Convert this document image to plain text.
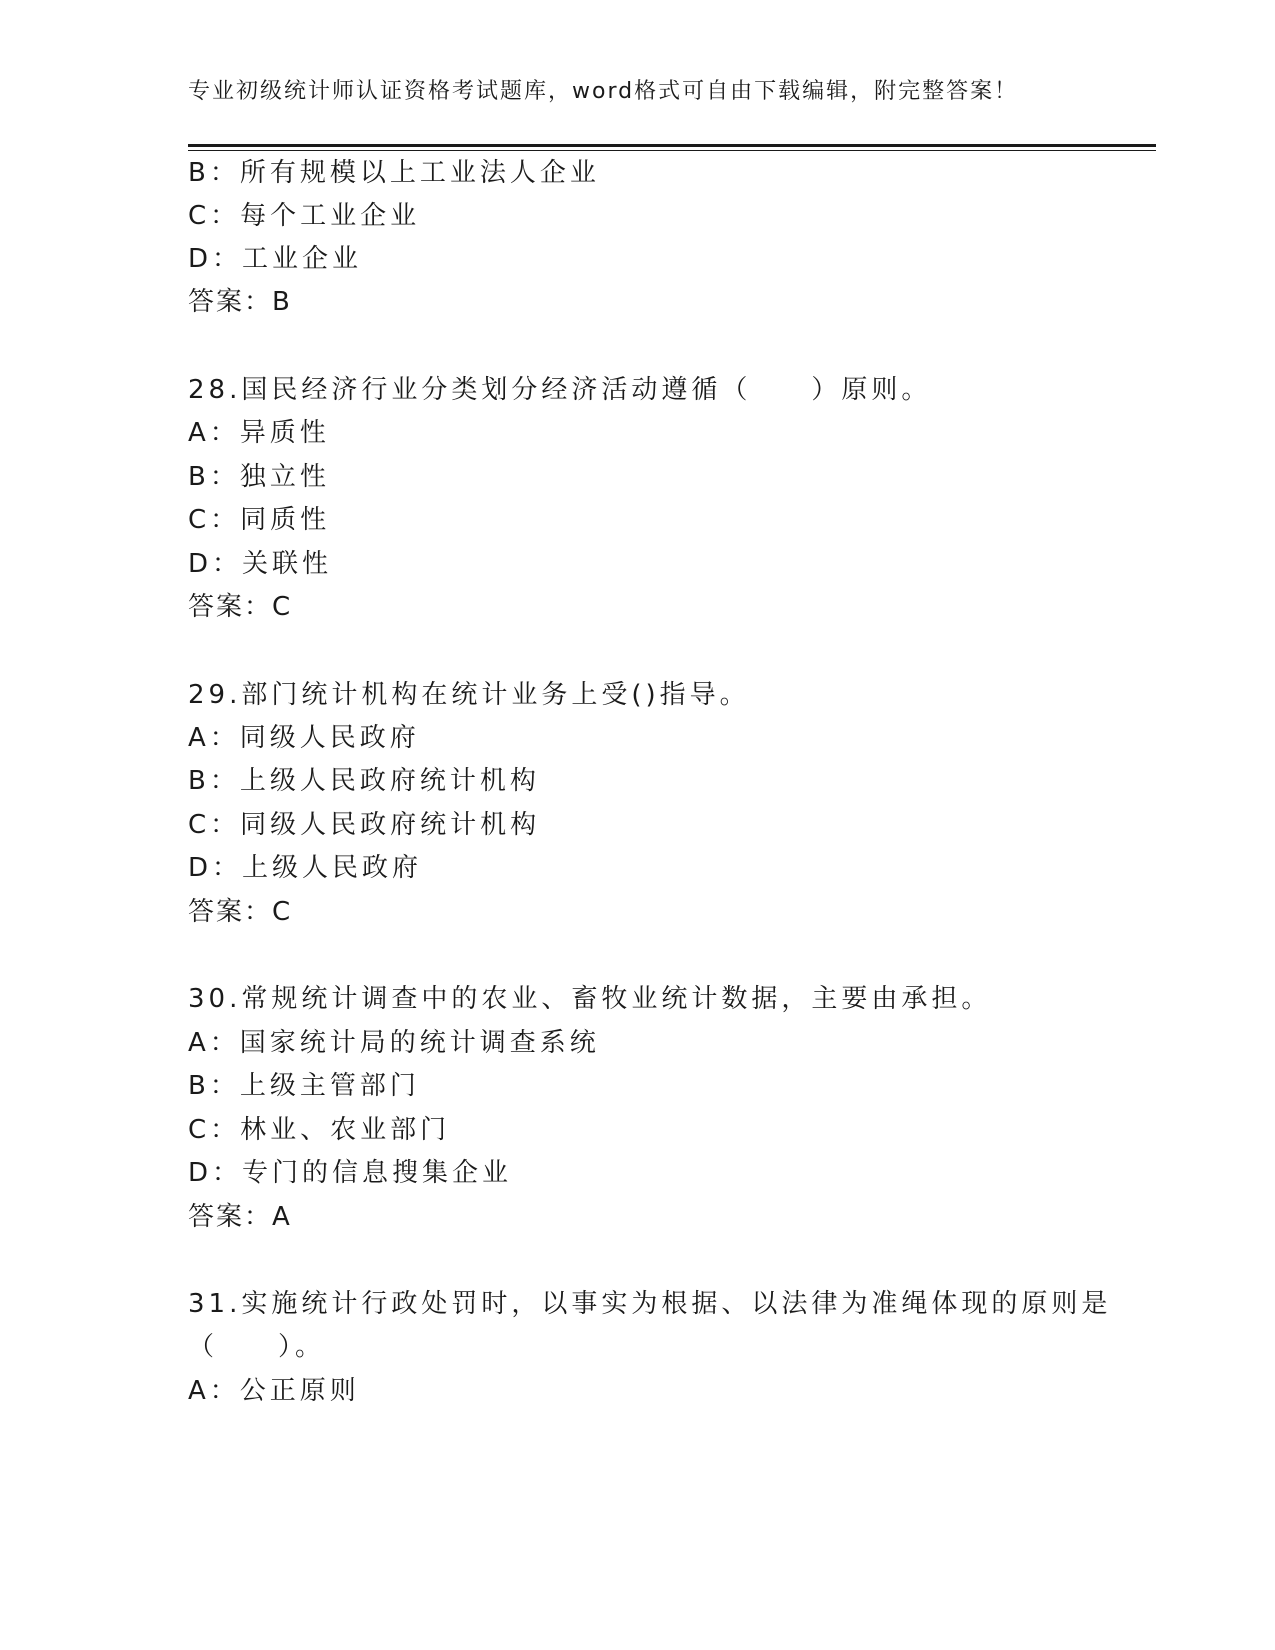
专业初级统计师认证资格考试题库，word格式可自由下载编辑，附完整答案！
B：所有规模以上工业法人企业
C：每个工业企业
D：工业企业
答案：B
28.国民经济行业分类划分经济活动遵循（　　）原则。
A：异质性
B：独立性
C：同质性
D：关联性
答案：C
29.部门统计机构在统计业务上受()指导。
A：同级人民政府
B：上级人民政府统计机构
C：同级人民政府统计机构
D：上级人民政府
答案：C
30.常规统计调查中的农业、畜牧业统计数据，主要由承担。
A：国家统计局的统计调查系统
B：上级主管部门
C：林业、农业部门
D：专门的信息搜集企业
答案：A
31.实施统计行政处罚时，以事实为根据、以法律为准绳体现的原则是
（　　）。
A：公正原则
